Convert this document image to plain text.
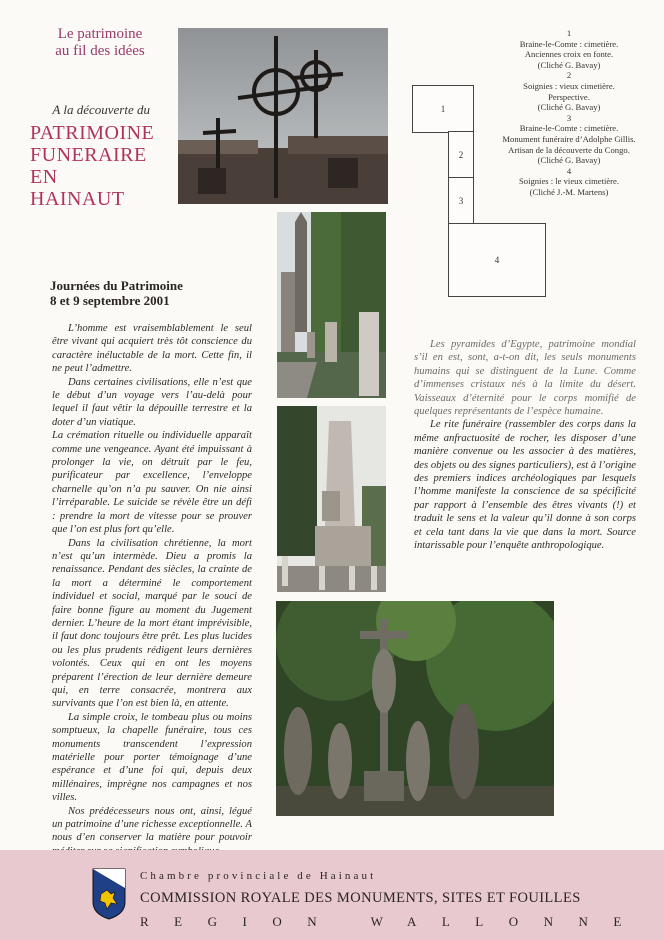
Le patrimoine
au fil des idées
A la découverte du
PATRIMOINE
FUNERAIRE
EN
HAINAUT
1
Braine-le-Comte : cimetière.
Anciennes croix en fonte.
(Cliché G. Bavay)
2
Soignies : vieux cimetière.
Perspective.
(Cliché G. Bavay)
3
Braine-le-Comte : cimetière.
Monument funéraire d’Adolphe Gillis.
Artisan de la découverte du Congo.
(Cliché G. Bavay)
4
Soignies : le vieux cimetière.
(Cliché J.-M. Martens)
1
2
3
4
Journées du Patrimoine
8 et 9 septembre 2001

L’homme est vraisemblablement le seul être vivant qui acquiert très tôt conscience du caractère inéluctable de la mort. Cette fin, il ne peut l’admettre.

Dans certaines civilisations, elle n’est que le début d’un voyage vers l’au-delà pour lequel il faut vêtir la dépouille terrestre et la doter d’un viatique.

La crémation rituelle ou individuelle apparaît comme une vengeance. Ayant été impuissant à prolonger la vie, on détruit par le feu, purificateur par excellence, l’enveloppe charnelle qu’on n’a pu sauver. On nie ainsi l’irréparable. Le suicide se révèle être un défi : prendre la mort de vitesse pour se prouver que l’on est plus fort qu’elle.

Dans la civilisation chrétienne, la mort n’est qu’un intermède. Dieu a promis la renaissance. Pendant des siècles, la crainte de la mort a déterminé le comportement individuel et social, marqué par le souci de faire bonne figure au moment du Jugement dernier. L’heure de la mort étant imprévisible, il faut donc toujours être prêt. Les plus lucides ou les plus prudents rédigent leurs dernières volontés. Ceux qui en ont les moyens préparent l’érection de leur dernière demeure qui, en terre consacrée, montrera aux survivants que l’on est bien là, en attente.

La simple croix, le tombeau plus ou moins somptueux, la chapelle funéraire, tous ces monuments transcendent l’expression matérielle pour porter témoignage d’une espérance et d’une foi qui, depuis deux millénaires, imprègne nos campagnes et nos villes.

Nos prédécesseurs nous ont, ainsi, légué un patrimoine d’une richesse exceptionnelle. A nous d’en conserver la matière pour pouvoir

Les pyramides d’Egypte, patrimoine mondial s’il en est, sont, a-t-on dit, les seuls monuments humains qui se distinguent de la Lune. Comme d’immenses cristaux nés à la limite du désert. Vaisseaux d’éternité pour le corps momifié de quelques représentants de l’espèce humaine.

Le rite funéraire (rassembler des corps dans la même anfractuosité de rocher, les disposer d’une manière convenue ou les associer à des matières, des objets ou des signes particuliers), est à l’origine des premiers indices archéologiques par lesquels l’homme manifeste la conscience de sa spécificité par rapport à l’ensemble des êtres vivants (!) et traduit le sens et la valeur qu’il donne à son corps et cela tant dans la vie que dans la mort. Source intarissable pour l’enquête anthropologique.

Chambre provinciale de Hainaut
COMMISSION ROYALE DES MONUMENTS, SITES ET FOUILLES
REGION WALLONNE
